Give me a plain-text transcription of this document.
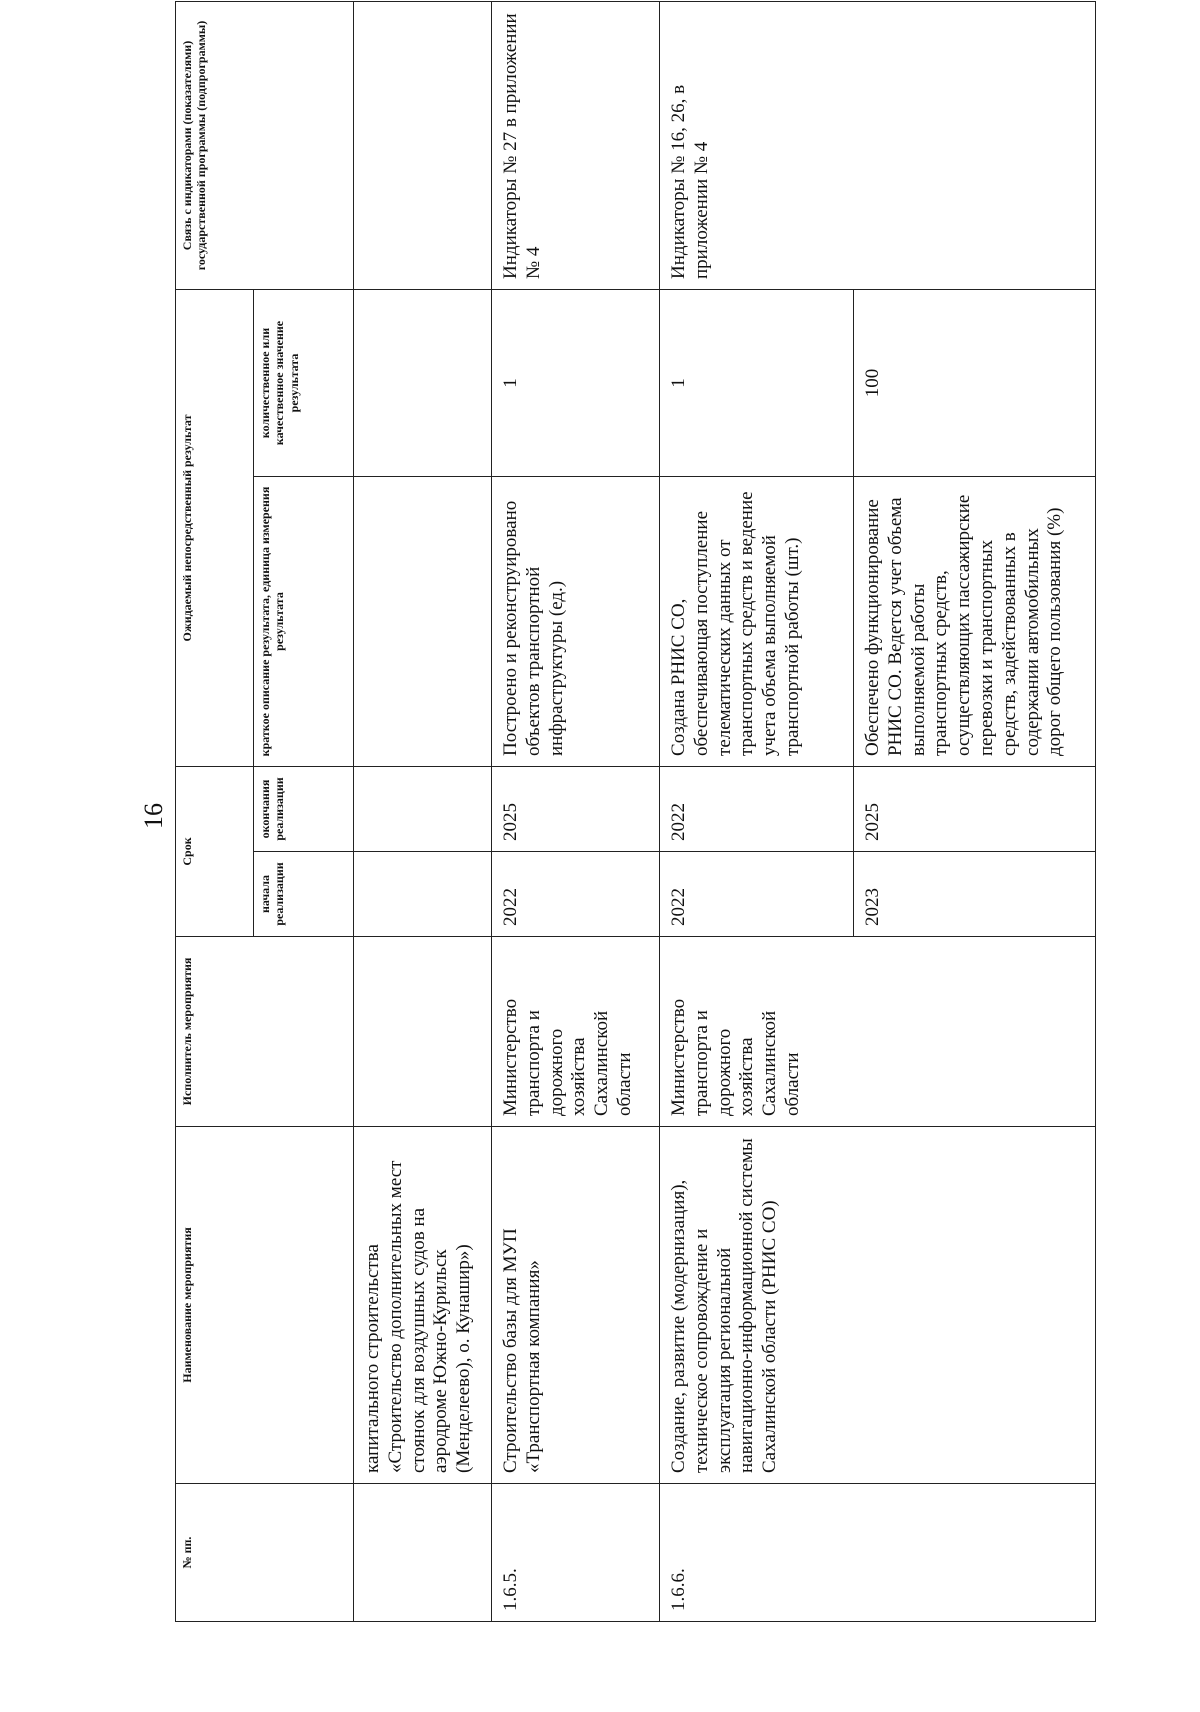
16
№ пп.	Наименование мероприятия	Исполнитель мероприятия	Срок		Ожидаемый непосредственный результат		Связь с индикаторами (показателями) государственной программы (подпрограммы)
			начала реализации	окончания реализации	краткое описание результата, единица измерения результата	количественное или качественное значение результата	
	капитального строительства «Строительство дополнительных мест стоянок для воздушных судов на аэродроме Южно-Курильск (Менделеево), о. Кунашир»)						
1.6.5.	Строительство базы для МУП «Транспортная компания»	Министерство транспорта и дорожного хозяйства Сахалинской области	2022	2025	Построено и реконструировано объектов транспортной инфраструктуры (ед.)	1	Индикаторы № 27 в приложении № 4
1.6.6.	Создание, развитие (модернизация), техническое сопровождение и эксплуатация региональной навигационно-информационной системы Сахалинской области (РНИС СО)	Министерство транспорта и дорожного хозяйства Сахалинской области	2022	2022	Создана РНИС СО, обеспечивающая поступление телематических данных от транспортных средств и ведение учета объема выполняемой транспортной работы (шт.)	1	Индикаторы № 16, 26, в приложении № 4
			2023	2025	Обеспечено функционирование РНИС СО. Ведется учет объема выполняемой работы транспортных средств, осуществляющих пассажирские перевозки и транспортных средств, задействованных в содержании автомобильных дорог общего пользования (%)	100	
